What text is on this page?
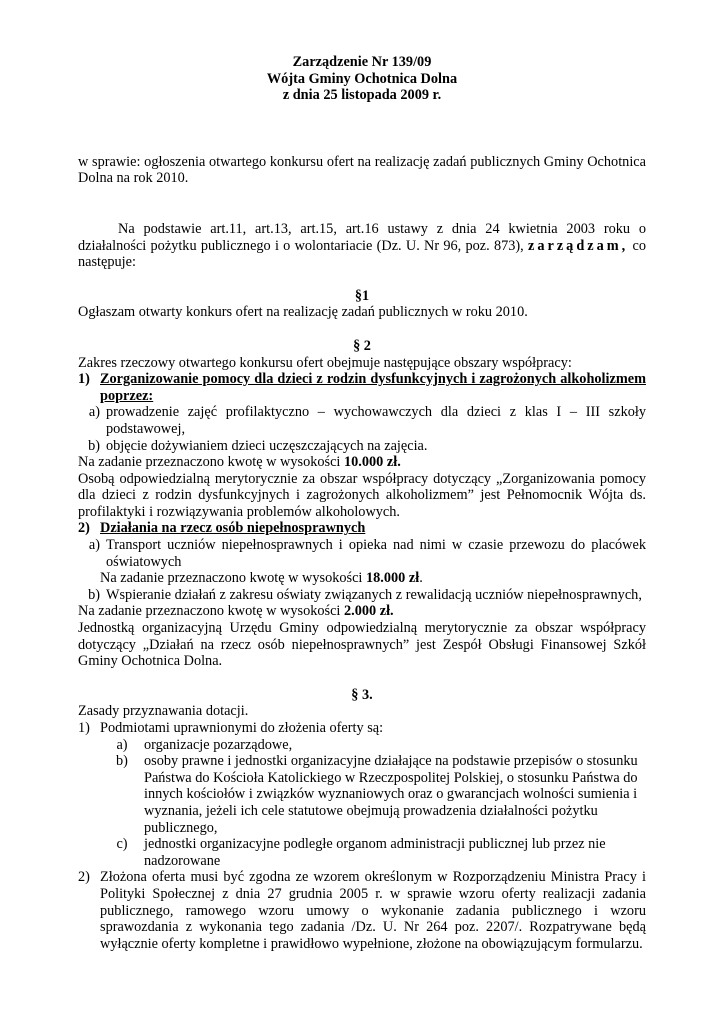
Zarządzenie Nr 139/09
Wójta Gminy Ochotnica Dolna
z dnia 25 listopada 2009 r.

w sprawie: ogłoszenia otwartego konkursu ofert na realizację zadań publicznych Gminy Ochotnica Dolna na rok 2010.

Na podstawie art.11, art.13, art.15, art.16 ustawy z dnia 24 kwietnia 2003 roku o działalności pożytku publicznego i o wolontariacie (Dz. U. Nr 96, poz. 873), zarządzam, co następuje:

§1

Ogłaszam otwarty konkurs ofert na realizację zadań publicznych w roku 2010.

§ 2

Zakres rzeczowy otwartego konkursu ofert obejmuje następujące obszary współpracy:

1) Zorganizowanie pomocy dla dzieci z rodzin dysfunkcyjnych i zagrożonych alkoholizmem poprzez:
a) prowadzenie zajęć profilaktyczno – wychowawczych dla dzieci z klas I – III szkoły podstawowej,
b) objęcie dożywianiem dzieci uczęszczających na zajęcia.

Na zadanie przeznaczono kwotę w wysokości 10.000 zł.

Osobą odpowiedzialną merytorycznie za obszar współpracy dotyczący „Zorganizowania pomocy dla dzieci z rodzin dysfunkcyjnych i zagrożonych alkoholizmem” jest Pełnomocnik Wójta ds. profilaktyki i rozwiązywania problemów alkoholowych.

2) Działania na rzecz osób niepełnosprawnych
a) Transport uczniów niepełnosprawnych i opieka nad nimi w czasie przewozu do placówek oświatowych

Na zadanie przeznaczono kwotę w wysokości 18.000 zł.

b) Wspieranie działań z zakresu oświaty związanych z rewalidacją uczniów niepełnosprawnych,

Na zadanie przeznaczono kwotę w wysokości 2.000 zł.

Jednostką organizacyjną Urzędu Gminy odpowiedzialną merytorycznie za obszar współpracy dotyczący „Działań na rzecz osób niepełnosprawnych” jest Zespół Obsługi Finansowej Szkół Gminy Ochotnica Dolna.

§ 3.

Zasady przyznawania dotacji.

1) Podmiotami uprawnionymi do złożenia oferty są:
a)	organizacje pozarządowe,
b)	osoby prawne i jednostki organizacyjne działające na podstawie przepisów o stosunku Państwa do Kościoła Katolickiego w Rzeczpospolitej Polskiej, o stosunku Państwa do innych kościołów i związków wyznaniowych oraz o gwarancjach wolności sumienia i wyznania, jeżeli ich cele statutowe obejmują prowadzenia działalności pożytku publicznego,
c)	jednostki organizacyjne podległe organom administracji publicznej lub przez nie nadzorowane
2) Złożona oferta musi być zgodna ze wzorem określonym w Rozporządzeniu Ministra Pracy i Polityki Społecznej z dnia 27 grudnia 2005 r. w sprawie wzoru oferty realizacji zadania publicznego, ramowego wzoru umowy o wykonanie zadania publicznego i wzoru sprawozdania z wykonania tego zadania /Dz. U. Nr 264 poz. 2207/. Rozpatrywane będą wyłącznie oferty kompletne i prawidłowo wypełnione, złożone na obowiązującym formularzu.
